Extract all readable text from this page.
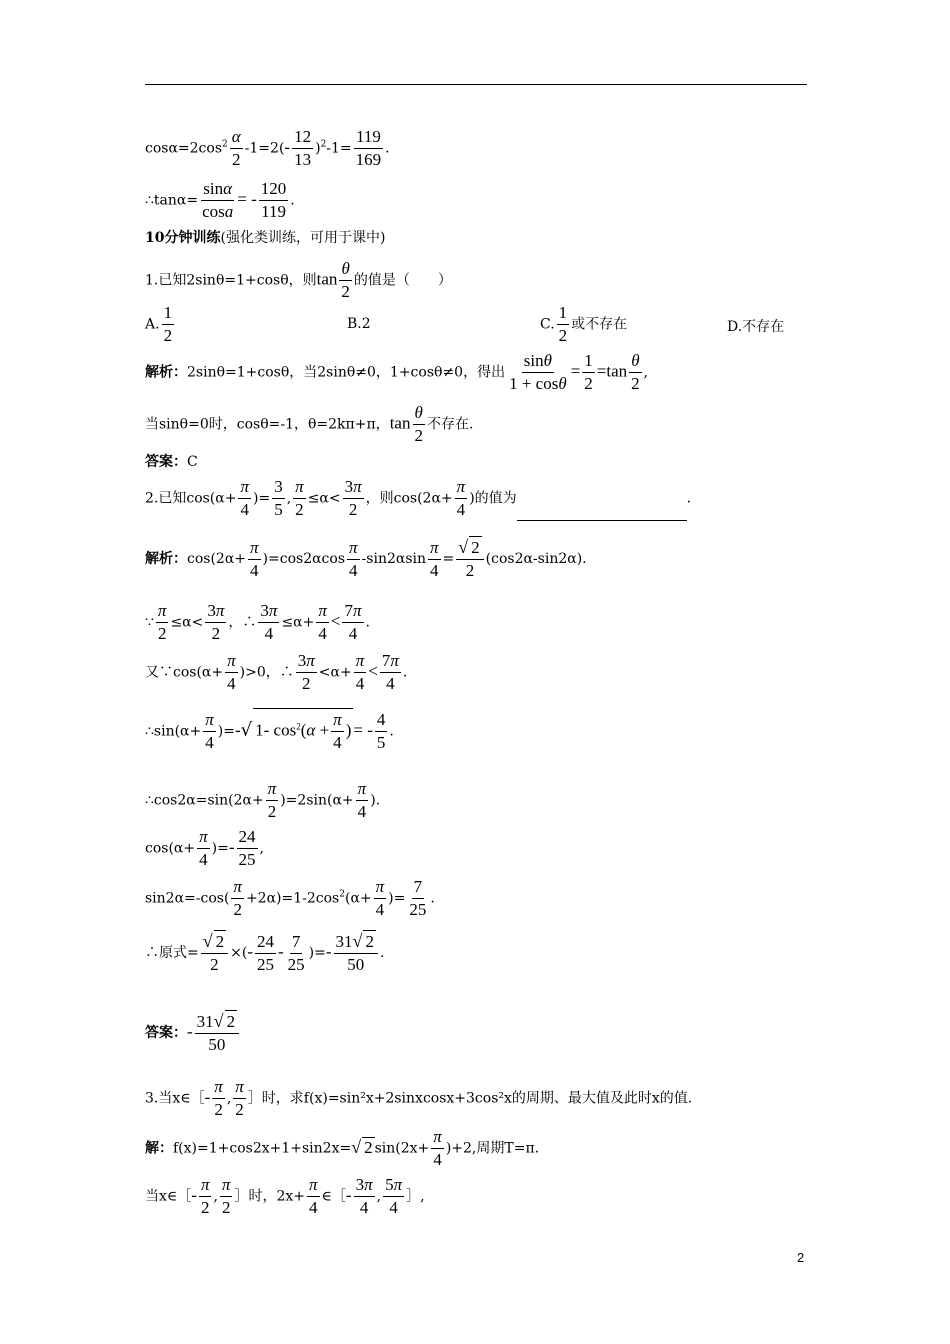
$\cos\alpha=2\cos^2 \frac{\alpha}{2} -1=2(- \frac{12}{13} )^2-1= \frac{119}{169}$ .
∴tanα= $\frac{\sin\alpha}{\cos a}$ = - $\frac{120}{119}$ .
10分钟训练(强化类训练，可用于课中)
1.已知2sinθ=1+cosθ，则$\tan \frac{\theta}{2}$ 的值是（　　）
A. $\frac{1}{2}$	B.2	C. $\frac{1}{2}$ 或不存在	D.不存在
解析：2sinθ=1+cosθ，当2sinθ≠0，1+cosθ≠0，得出 $\frac{\sin\theta}{1 + \cos\theta} = \frac{1}{2} =\tan \frac{\theta}{2}$ ,
当sinθ=0时，cosθ=-1，θ=2kπ+π，$\tan \frac{\theta}{2}$ 不存在.
答案：C
2.已知$\cos(\alpha+ \frac{\pi}{4}$ )= $\frac{3}{5}$ , $\frac{\pi}{2} \le\alpha< \frac{3\pi}{2}$ ，则$\cos(2\alpha+ \frac{\pi}{4}$ )的值为	.
解析：$\cos(2\alpha+ \frac{\pi}{4} )=\cos 2\alpha\cos \frac{\pi}{4} -\sin 2\alpha\sin \frac{\pi}{4} = \frac{√ 2}{2} (\cos 2\alpha-\sin 2\alpha)$.
∵ $\frac{\pi}{2} \le\alpha< \frac{3\pi}{2}$ ，∴ $\frac{3\pi}{4} \le\alpha+ \frac{\pi}{4} < \frac{7\pi}{4}$ .
又∵cos(α+ $\frac{\pi}{4} )>0$，∴ $\frac{3\pi}{2} <\alpha+ \frac{\pi}{4} < \frac{7\pi}{4}$ .
∴sin(α+ $\frac{\pi}{4}$ )=-√ 1- $\cos^2(\alpha + \frac{\pi}{4}$ ) = - $\frac{4}{5}$ .
∴cos2α=sin(2α+ $\frac{\pi}{2} )=2\sin(\alpha+ \frac{\pi}{4}$ ).
$\cos(\alpha+ \frac{\pi}{4}$ )=- $\frac{24}{25}$ ,
$\sin 2\alpha=-\cos( \frac{\pi}{2} +2\alpha)=1-2\cos^2(\alpha+ \frac{\pi}{4}$ )= $\frac{7}{25}$ .
∴原式= $\frac{√ 2}{2}$ ×(- $\frac{24}{25} - \frac{7}{25}$ )=- $\frac{31√ 2}{50}$ .
答案：- $\frac{31√ 2}{50}$
3.当x∈［- $\frac{\pi}{2}$ , $\frac{\pi}{2}$ ］时，求f(x)=sin²x+2sinxcosx+3cos²x的周期、最大值及此时x的值.
解：f(x)=1+cos2x+1+sin2x=√ 2 $\sin(2x+ \frac{\pi}{4} )+2$,周期T=π.
当x∈［- $\frac{\pi}{2}$ , $\frac{\pi}{2}$ ］时，$2x+ \frac{\pi}{4}$ ∈［- $\frac{3\pi}{4}$ , $\frac{5\pi}{4}$ ］,
2
